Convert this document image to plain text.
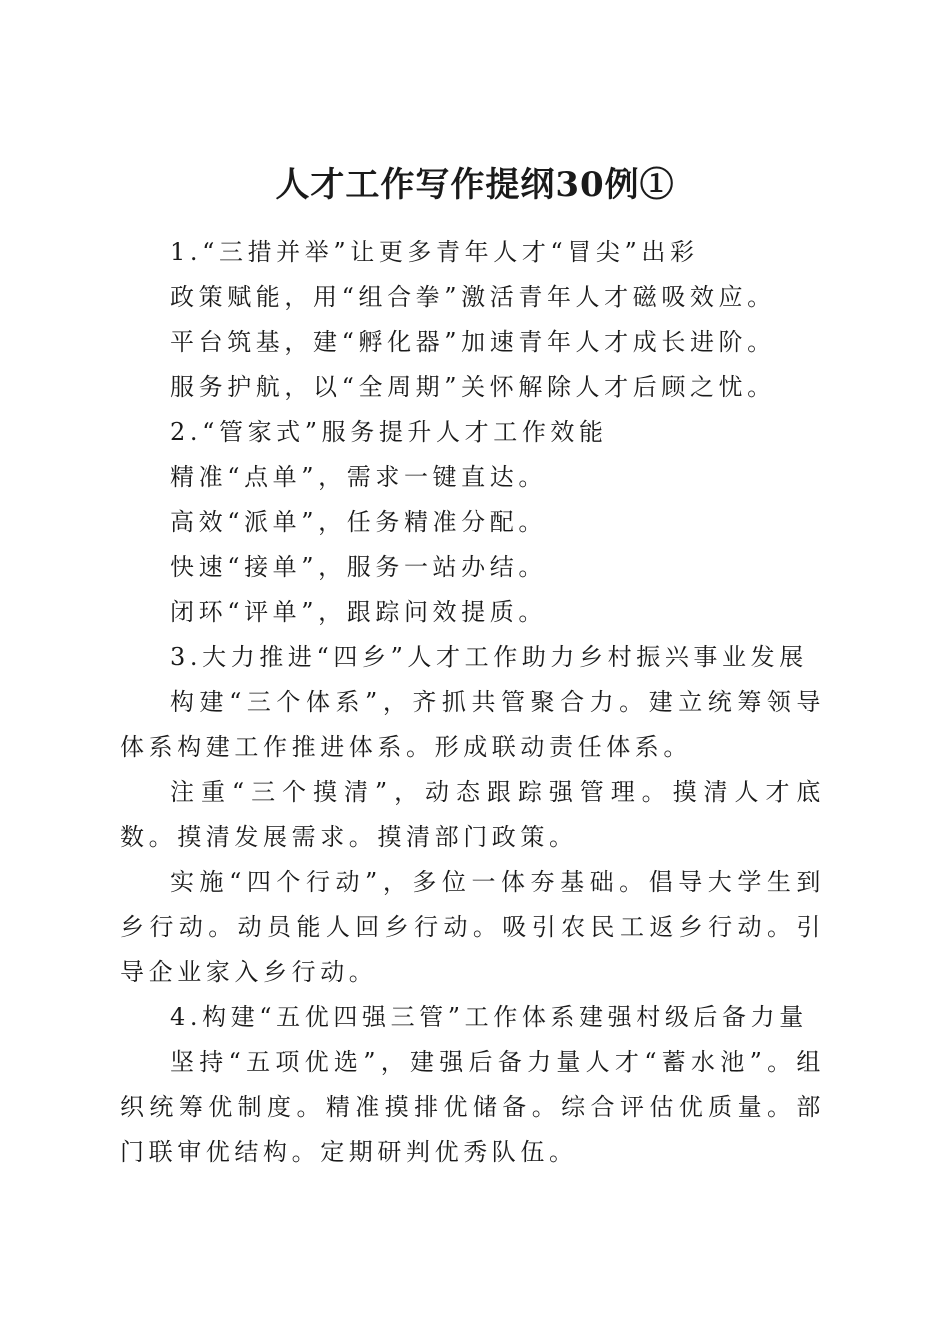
人才工作写作提纲30例①

1.“三措并举”让更多青年人才“冒尖”出彩

政策赋能，用“组合拳”激活青年人才磁吸效应。

平台筑基，建“孵化器”加速青年人才成长进阶。

服务护航，以“全周期”关怀解除人才后顾之忧。

2.“管家式”服务提升人才工作效能

精准“点单”，需求一键直达。

高效“派单”，任务精准分配。

快速“接单”，服务一站办结。

闭环“评单”，跟踪问效提质。

3.大力推进“四乡”人才工作助力乡村振兴事业发展

构建“三个体系”，齐抓共管聚合力。建立统筹领导体系构建工作推进体系。形成联动责任体系。

注重“三个摸清”，动态跟踪强管理。摸清人才底数。摸清发展需求。摸清部门政策。

实施“四个行动”，多位一体夯基础。倡导大学生到乡行动。动员能人回乡行动。吸引农民工返乡行动。引导企业家入乡行动。

4.构建“五优四强三管”工作体系建强村级后备力量

坚持“五项优选”，建强后备力量人才“蓄水池”。组织统筹优制度。精准摸排优储备。综合评估优质量。部门联审优结构。定期研判优秀队伍。
